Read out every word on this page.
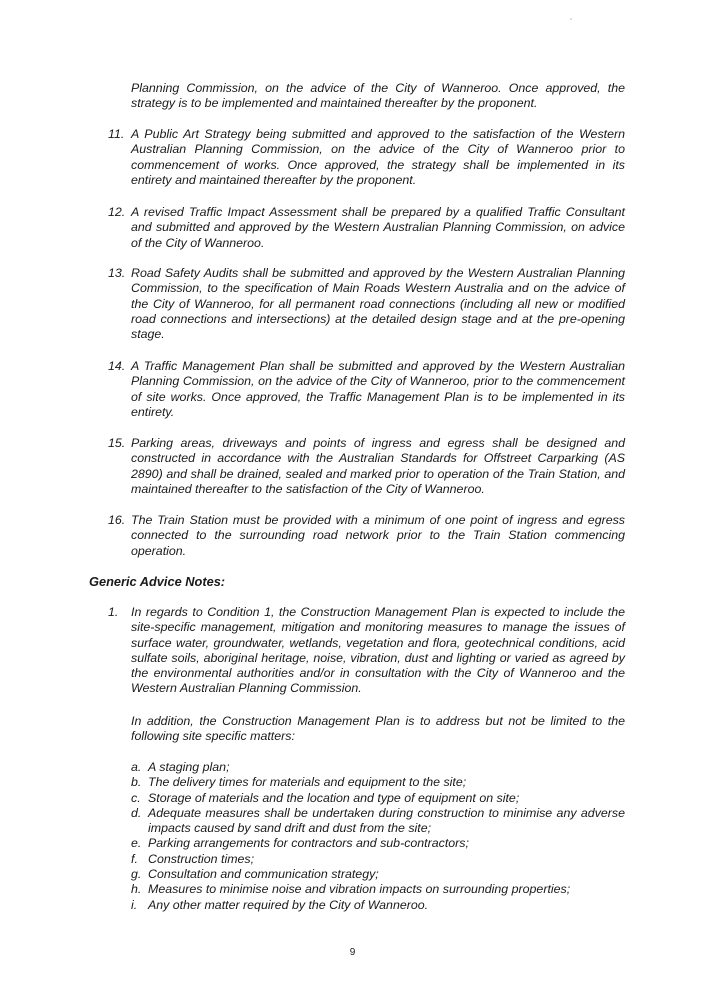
Planning Commission, on the advice of the City of Wanneroo. Once approved, the strategy is to be implemented and maintained thereafter by the proponent.

11. A Public Art Strategy being submitted and approved to the satisfaction of the Western Australian Planning Commission, on the advice of the City of Wanneroo prior to commencement of works. Once approved, the strategy shall be implemented in its entirety and maintained thereafter by the proponent.

12. A revised Traffic Impact Assessment shall be prepared by a qualified Traffic Consultant and submitted and approved by the Western Australian Planning Commission, on advice of the City of Wanneroo.

13. Road Safety Audits shall be submitted and approved by the Western Australian Planning Commission, to the specification of Main Roads Western Australia and on the advice of the City of Wanneroo, for all permanent road connections (including all new or modified road connections and intersections) at the detailed design stage and at the pre-opening stage.

14. A Traffic Management Plan shall be submitted and approved by the Western Australian Planning Commission, on the advice of the City of Wanneroo, prior to the commencement of site works. Once approved, the Traffic Management Plan is to be implemented in its entirety.

15. Parking areas, driveways and points of ingress and egress shall be designed and constructed in accordance with the Australian Standards for Offstreet Carparking (AS 2890) and shall be drained, sealed and marked prior to operation of the Train Station, and maintained thereafter to the satisfaction of the City of Wanneroo.

16. The Train Station must be provided with a minimum of one point of ingress and egress connected to the surrounding road network prior to the Train Station commencing operation.

Generic Advice Notes:
1.	In regards to Condition 1, the Construction Management Plan is expected to include the site-specific management, mitigation and monitoring measures to manage the issues of surface water, groundwater, wetlands, vegetation and flora, geotechnical conditions, acid sulfate soils, aboriginal heritage, noise, vibration, dust and lighting or varied as agreed by the environmental authorities and/or in consultation with the City of Wanneroo and the Western Australian Planning Commission.

In addition, the Construction Management Plan is to address but not be limited to the following site specific matters:

a. A staging plan;

b. The delivery times for materials and equipment to the site;

c. Storage of materials and the location and type of equipment on site;

d. Adequate measures shall be undertaken during construction to minimise any adverse impacts caused by sand drift and dust from the site;

e. Parking arrangements for contractors and sub-contractors;

f. Construction times;

g. Consultation and communication strategy;

h. Measures to minimise noise and vibration impacts on surrounding properties;

i. Any other matter required by the City of Wanneroo.

9
